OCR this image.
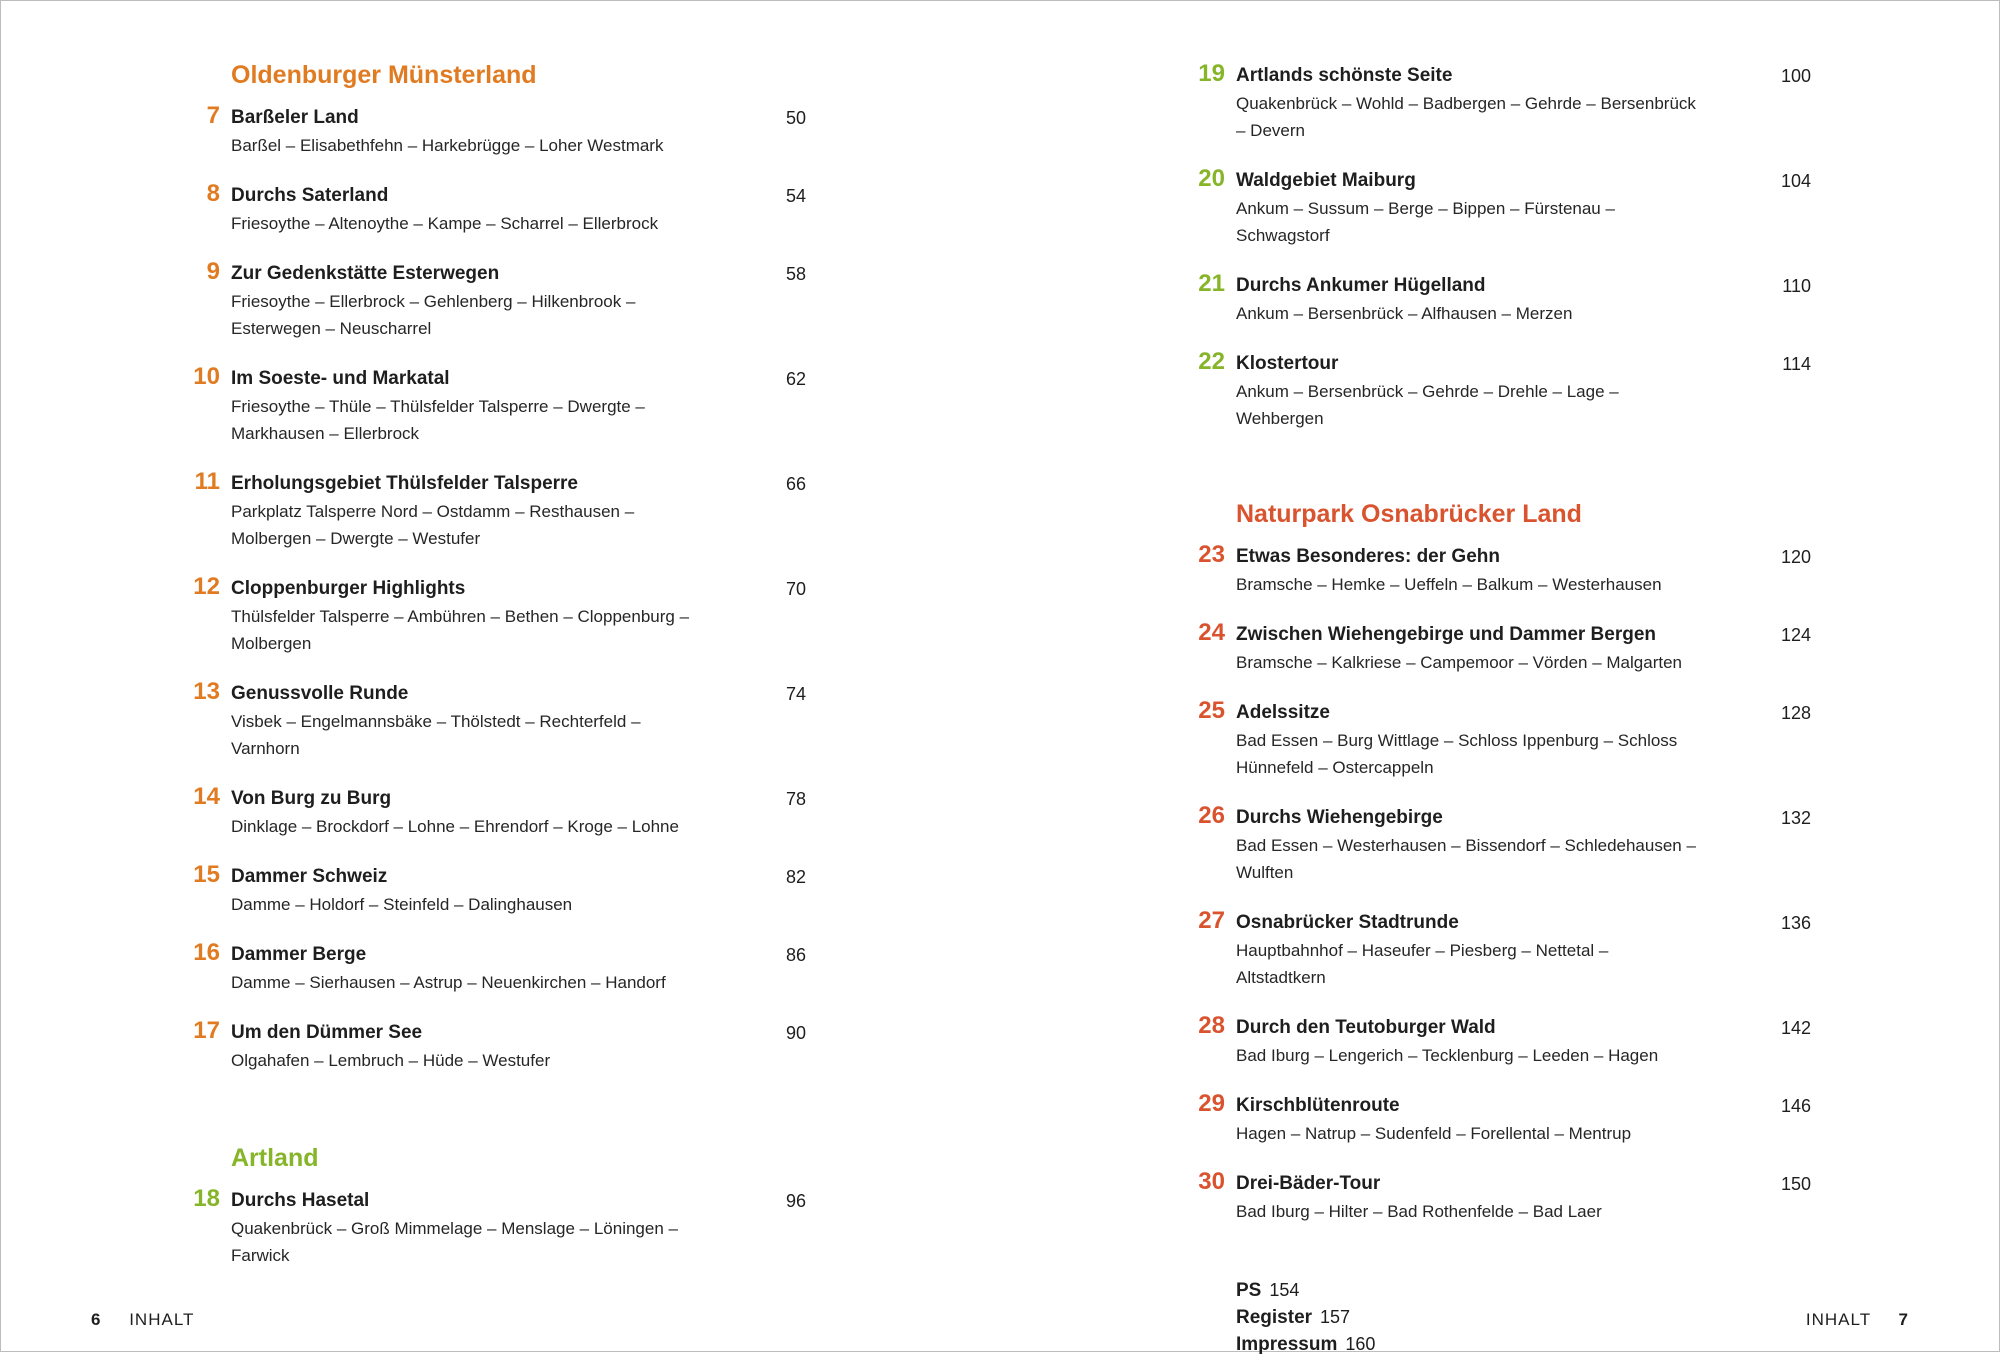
Oldenburger Münsterland
7 Barßeler Land
Barßel – Elisabethfehn – Harkebrügge – Loher Westmark
50
8 Durchs Saterland
Friesoythe – Altenoythe – Kampe – Scharrel – Ellerbrock
54
9 Zur Gedenkstätte Esterwegen
Friesoythe – Ellerbrock – Gehlenberg – Hilkenbrook – Esterwegen – Neuscharrel
58
10 Im Soeste- und Markatal
Friesoythe – Thüle – Thülsfelder Talsperre – Dwergte – Markhausen – Ellerbrock
62
11 Erholungsgebiet Thülsfelder Talsperre
Parkplatz Talsperre Nord – Ostdamm – Resthausen – Molbergen – Dwergte – Westufer
66
12 Cloppenburger Highlights
Thülsfelder Talsperre – Ambühren – Bethen – Cloppenburg – Molbergen
70
13 Genussvolle Runde
Visbek – Engelmannsbäke – Thölstedt – Rechterfeld – Varnhorn
74
14 Von Burg zu Burg
Dinklage – Brockdorf – Lohne – Ehrendorf – Kroge – Lohne
78
15 Dammer Schweiz
Damme – Holdorf – Steinfeld – Dalinghausen
82
16 Dammer Berge
Damme – Sierhausen – Astrup – Neuenkirchen – Handorf
86
17 Um den Dümmer See
Olgahafen – Lembruch – Hüde – Westufer
90
Artland
18 Durchs Hasetal
Quakenbrück – Groß Mimmelage – Menslage – Löningen – Farwick
96
19 Artlands schönste Seite
Quakenbrück – Wohld – Badbergen – Gehrde – Bersenbrück – Devern
100
20 Waldgebiet Maiburg
Ankum – Sussum – Berge – Bippen – Fürstenau – Schwagstorf
104
21 Durchs Ankumer Hügelland
Ankum – Bersenbrück – Alfhausen – Merzen
110
22 Klostertour
Ankum – Bersenbrück – Gehrde – Drehle – Lage – Wehbergen
114
Naturpark Osnabrücker Land
23 Etwas Besonderes: der Gehn
Bramsche – Hemke – Ueffeln – Balkum – Westerhausen
120
24 Zwischen Wiehengebirge und Dammer Bergen
Bramsche – Kalkriese – Campemoor – Vörden – Malgarten
124
25 Adelssitze
Bad Essen – Burg Wittlage – Schloss Ippenburg – Schloss Hünnefeld – Ostercappeln
128
26 Durchs Wiehengebirge
Bad Essen – Westerhausen – Bissendorf – Schledehausen – Wulften
132
27 Osnabrücker Stadtrunde
Hauptbahnhof – Haseufer – Piesberg – Nettetal – Altstadtkern
136
28 Durch den Teutoburger Wald
Bad Iburg – Lengerich – Tecklenburg – Leeden – Hagen
142
29 Kirschblütenroute
Hagen – Natrup – Sudenfeld – Forellental – Mentrup
146
30 Drei-Bäder-Tour
Bad Iburg – Hilter – Bad Rothenfelde – Bad Laer
150
PS 154
Register 157
Impressum 160
6 INHALT	INHALT 7
